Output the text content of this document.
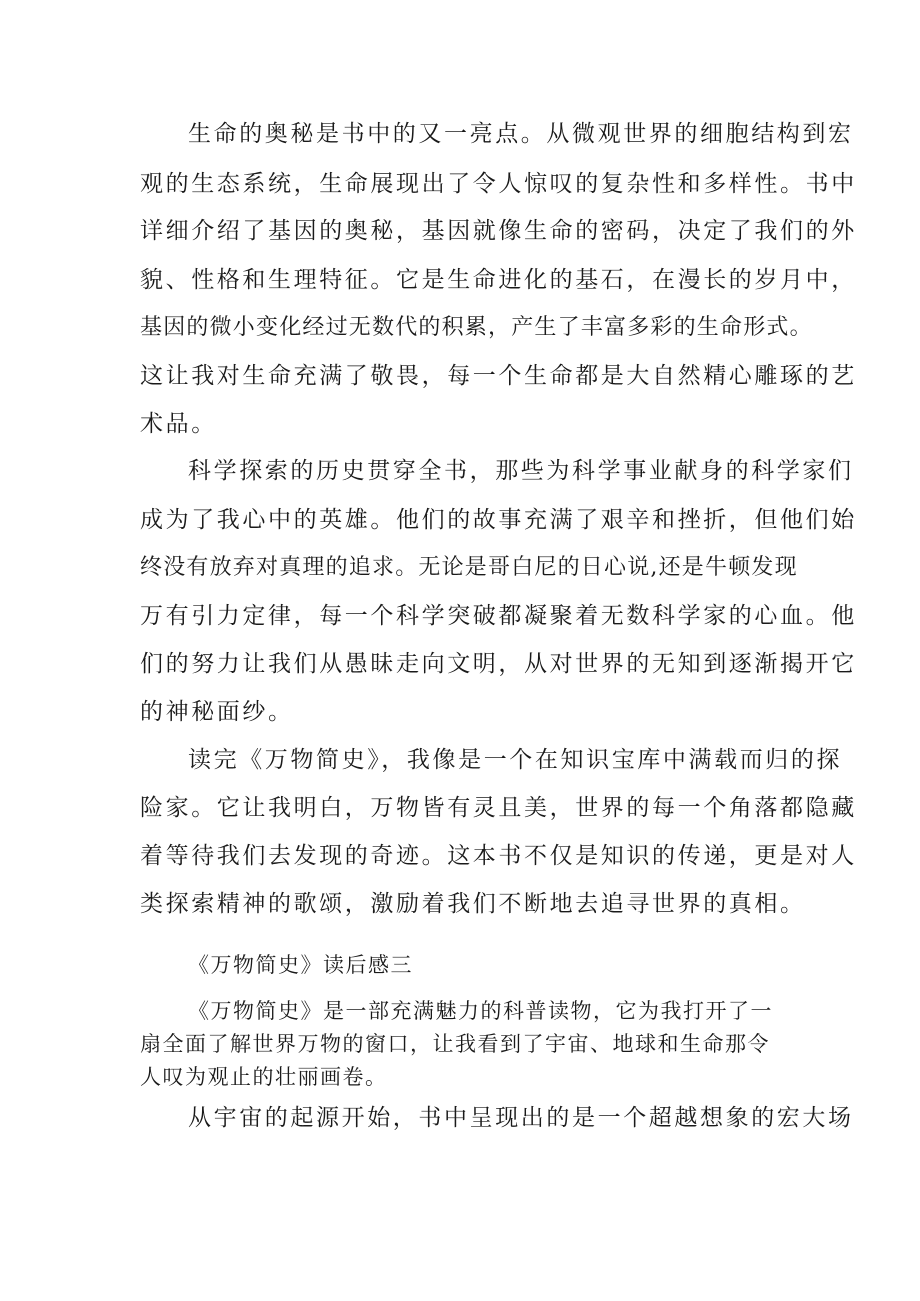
生命的奥秘是书中的又一亮点。从微观世界的细胞结构到宏
观的生态系统，生命展现出了令人惊叹的复杂性和多样性。书中
详细介绍了基因的奥秘，基因就像生命的密码，决定了我们的外
貌、性格和生理特征。它是生命进化的基石，在漫长的岁月中，
基因的微小变化经过无数代的积累，产生了丰富多彩的生命形式。
这让我对生命充满了敬畏，每一个生命都是大自然精心雕琢的艺
术品。
科学探索的历史贯穿全书，那些为科学事业献身的科学家们
成为了我心中的英雄。他们的故事充满了艰辛和挫折，但他们始
终没有放弃对真理的追求。无论是哥白尼的日心说,还是牛顿发现
万有引力定律，每一个科学突破都凝聚着无数科学家的心血。他
们的努力让我们从愚昧走向文明，从对世界的无知到逐渐揭开它
的神秘面纱。
读完《万物简史》，我像是一个在知识宝库中满载而归的探
险家。它让我明白，万物皆有灵且美，世界的每一个角落都隐藏
着等待我们去发现的奇迹。这本书不仅是知识的传递，更是对人
类探索精神的歌颂，激励着我们不断地去追寻世界的真相。
《万物简史》读后感三
《万物简史》是一部充满魅力的科普读物，它为我打开了一
扇全面了解世界万物的窗口，让我看到了宇宙、地球和生命那令
人叹为观止的壮丽画卷。
从宇宙的起源开始，书中呈现出的是一个超越想象的宏大场
